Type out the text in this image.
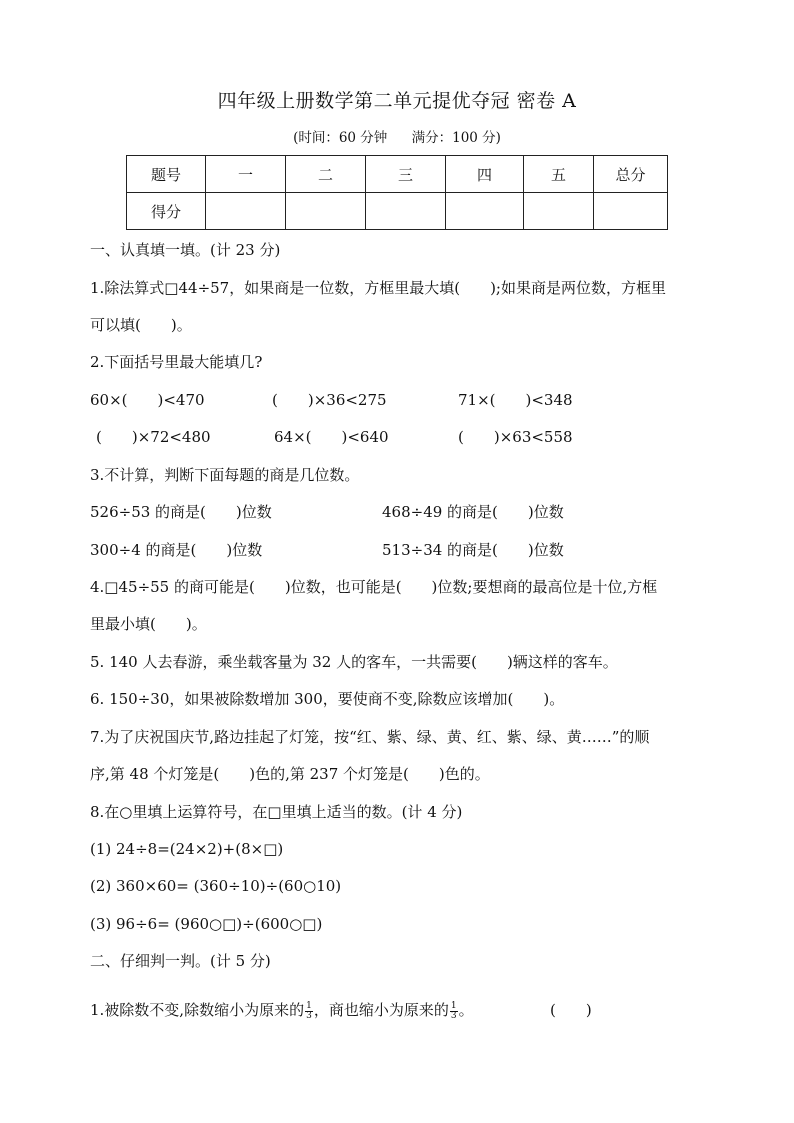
四年级上册数学第二单元提优夺冠 密卷 A
(时间：60 分钟 满分：100 分)
题号	一	二	三	四	五	总分
得分						
一、认真填一填。(计 23 分)
1.除法算式□44÷57，如果商是一位数，方框里最大填(　　);如果商是两位数，方框里
可以填(　　)。
2.下面括号里最大能填几?
60×(　　)<470	(　　)×36<275	71×(　　)<348
(　　)×72<480	64×(　　)<640	(　　)×63<558
3.不计算，判断下面每题的商是几位数。
526÷53 的商是(　　)位数	468÷49 的商是(　　)位数
300÷4 的商是(　　)位数	513÷34 的商是(　　)位数
4.□45÷55 的商可能是(　　)位数，也可能是(　　)位数;要想商的最高位是十位,方框
里最小填(　　)。
5. 140 人去春游，乘坐载客量为 32 人的客车，一共需要(　　)辆这样的客车。
6. 150÷30，如果被除数增加 300，要使商不变,除数应该增加(　　)。
7.为了庆祝国庆节,路边挂起了灯笼，按“红、紫、绿、黄、红、紫、绿、黄……”的顺
序,第 48 个灯笼是(　　)色的,第 237 个灯笼是(　　)色的。
8.在○里填上运算符号，在□里填上适当的数。(计 4 分)
(1) 24÷8=(24×2)+(8×□)
(2) 360×60= (360÷10)÷(60○10)
(3) 96÷6= (960○□)÷(600○□)
二、仔细判一判。(计 5 分)
1.被除数不变,除数缩小为原来的 $\frac{1}{3}$ ，商也缩小为原来的 $\frac{1}{3}$ 。	(　　)
